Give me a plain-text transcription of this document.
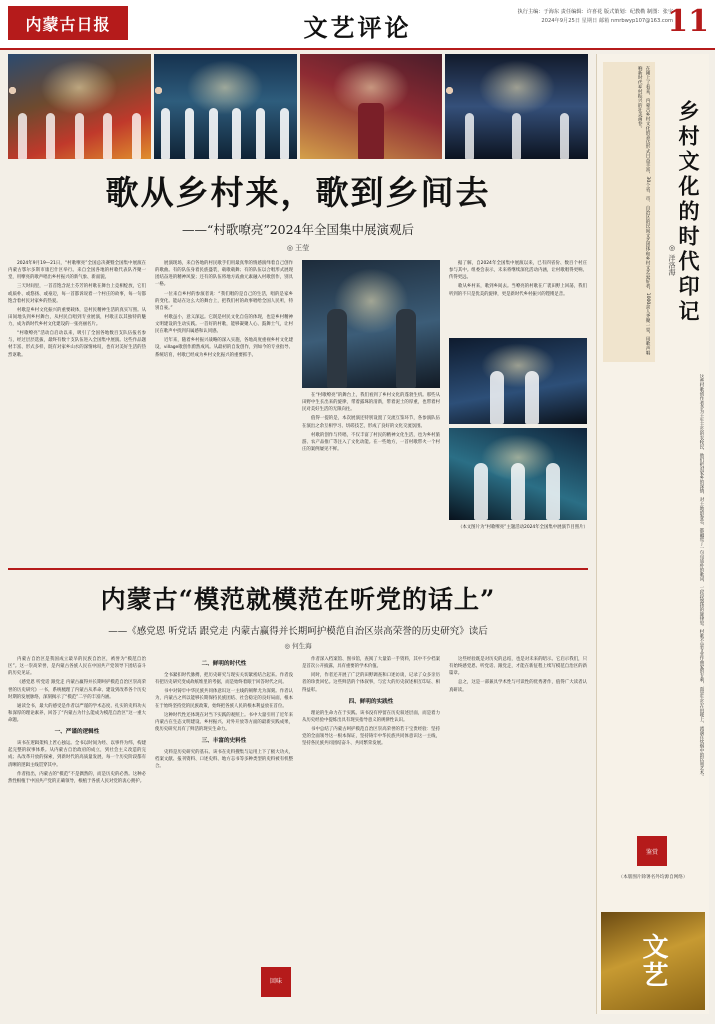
内蒙古日报	文艺评论
执行主编：于海东 责任编辑：许喜花 版式策划：纪教勒 制图：张宇
2024年9月25日 星期日 邮箱 nmrbwyp107@163.com
11
歌从乡村来，歌到乡间去
——“村歌嘹亮”2024年全国集中展演观后
◎ 王莹

2024年9月19—21日，“村歌嘹亮”全国总决赛暨全国集中展演在内蒙古鄂尔多斯市康巴什区举行。来自全国各地的村歌代表队齐聚一堂，用嘹亮的歌声唱出乡村振兴的新气象、新面貌。

三天时间里，一首首饱含泥土芬芳的村歌在舞台上竞相绽放，它们或质朴、或悠扬、或豪迈，每一首都诉说着一个村庄的故事，每一句都饱含着村民对家乡的热爱。

村歌是乡村文化振兴的重要载体，是村民精神生活的真实写照。从田间地头到乡村舞台，从村民自唱到专业展演，村歌正以其独特的魅力，成为新时代乡村文化建设的一张亮丽名片。

“村歌嘹亮”活动自启动以来，吸引了全国各地数百支队伍报名参与，经过层层选拔，最终有数十支队伍进入全国集中展演。这些作品题材丰富、形式多样，既有对家乡山水的深情咏叹，也有对美好生活的热烈讴歌。

展演现场，来自各地的村民歌手们用最真挚的情感演绎着自己创作的歌曲。有的队伍身着民族盛装，载歌载舞；有的队伍以合唱形式展现团结奋进的精神风貌；还有的队伍将地方戏曲元素融入村歌创作，别具一格。

一位来自乡村的参演者说：“我们唱的是自己的生活，唱的是家乡的变化。能站在这么大的舞台上，把我们村的故事唱给全国人民听，特别自豪。”

村歌虽小，意义深远。它既是村民文化自信的体现，也是乡村精神文明建设的生动实践。一首好的村歌，能够凝聚人心、鼓舞士气，让村民在歌声中找到归属感和认同感。

近年来，随着乡村振兴战略的深入实施，各地高度重视乡村文化建设，village歌创作蔚然成风。从最初的自发创作，到如今的专业指导、系统培育，村歌已经成为乡村文化振兴的重要抓手。

在“村歌嘹亮”的舞台上，我们看到了乡村文化的蓬勃生机。那些从田野中生长出来的旋律，带着露珠的清新，带着泥土的厚重，也带着村民对美好生活的无限向往。

值得一提的是，本次展演还特别设置了交流互鉴环节，各参演队伍在演出之余互相学习、切磋技艺，形成了良好的文化交流氛围。

村歌的创作与传唱，不仅丰富了村民的精神文化生活，也为乡村旅游、农产品推广等注入了文化动能。在一些地方，一首村歌带火一个村庄的案例屡见不鲜。

据了解，自2024年全国集中展演以来，已有四省份、数百个村庄参与其中。组委会表示，未来将继续深化活动内涵，让村歌唱得更响、传得更远。

歌从乡村来，歌到乡间去。当嘹亮的村歌在广袤田野上回荡，我们听到的不只是优美的旋律，更是新时代乡村振兴的铿锵足音。

（本文图片为“村歌嘹亮”主题活动2024年全国集中展演节目照片）

内蒙古“模范就模范在听党的话上”
——《感党恩 听党话 跟党走 内蒙古赢得并长期呵护模范自治区崇高荣誉的历史研究》读后
◎ 何生海

内蒙古自治区是我国成立最早的民族自治区，被誉为“模范自治区”。这一崇高荣誉，是内蒙古各族人民在中国共产党领导下团结奋斗的历史见证。

《感党恩 听党话 跟党走 内蒙古赢得并长期呵护模范自治区崇高荣誉的历史研究》一书，系统梳理了内蒙古从革命、建设到改革各个历史时期的发展脉络，深刻揭示了“模范”二字的丰富内涵。

通读全书，最大的感受是作者以严谨的学术态度、扎实的史料功夫和深厚的理论素养，回答了“内蒙古为什么能成为模范自治区”这一重大命题。

一、严谨的逻辑性

该书在逻辑架构上匠心独运。全书以时间为经、以事件为纬，构建起完整的叙事体系。从内蒙古自治政府的成立，到社会主义改造的完成；从改革开放的探索，到新时代的高质量发展，每一个历史阶段都有清晰的逻辑主线贯穿其中。

作者指出，内蒙古的“模范”不是偶然的，而是历史的必然。这种必然性根植于中国共产党的正确领导，根植于各族人民对党的衷心拥护。

二、鲜明的时代性

全书紧扣时代脉搏，把历史研究与现实关切紧密结合起来。作者没有把历史研究变成故纸堆里的考据，而是始终着眼于回答时代之问。

书中对铸牢中华民族共同体意识这一主线的阐释尤为深刻。作者认为，内蒙古之所以能够长期保持民族团结、社会稳定的良好局面，根本在于始终坚持党的民族政策，始终把各族人民的根本利益放在首位。

这种时代性还体现在对当下实践的观照上。书中大量引用了近年来内蒙古在生态文明建设、乡村振兴、对外开放等方面的最新实践成果，使历史研究具有了鲜活的现实生命力。

三、丰富的史料性

史料是历史研究的基石。该书在史料搜集与运用上下了极大功夫，档案文献、报刊资料、口述史料、地方志书等多种类型的史料被有机整合。

作者深入档案馆、图书馆，查阅了大量第一手资料，其中不少档案是首次公开披露，具有重要的学术价值。

同时，作者还开展了广泛的田野调查和口述访谈，记录了众多亲历者的珍贵回忆。这些鲜活的个体叙事，与宏大的历史叙述相互印证、相得益彰。

四、鲜明的实践性

理论的生命力在于实践。该书没有停留在历史叙述层面，而是着力从历史经验中提炼出具有现实指导意义的规律性认识。

书中总结了内蒙古呵护模范自治区崇高荣誉的若干宝贵经验：坚持党的全面领导这一根本保证，坚持铸牢中华民族共同体意识这一主线，坚持各民族共同团结奋斗、共同繁荣发展。

这些经验既是对历史的总结，也是对未来的昭示。它启示我们，只有始终感党恩、听党话、跟党走，才能在新征程上续写模范自治区的新篇章。

总之，这是一部兼具学术性与可读性的优秀著作，值得广大读者认真研读。

回味
乡村文化的时代印记
◎ 洋洛海
在刚上了看来，内蒙古乡村文化的表达形式日益丰富，30个省、市、自治区的民间文艺团体和乡村文艺爱好者，1000余人齐聚一堂，用歌声唱响新时代乡村振兴的壮美画卷。
这些村歌创作者多为土生土长的农牧民，他们把对家乡的深情、对土地的眷恋，都融进了一句句质朴的歌词、一段段悠扬的旋律里。村歌不是专业作曲家的专利，而是生长在田埂上、流淌在炊烟中的民间艺术。
鉴赏
（本版图片除署名外均源自网络）
文艺
